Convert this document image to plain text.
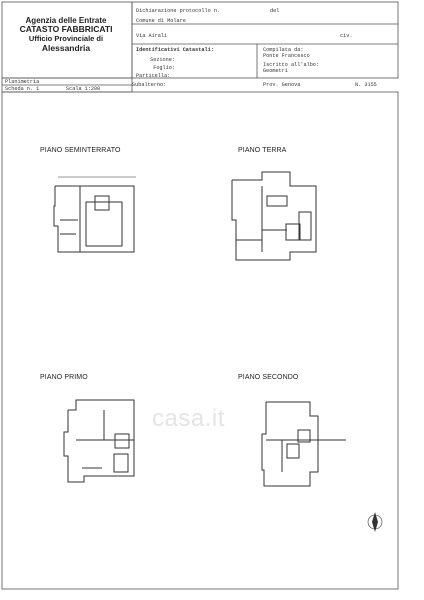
Agenzia delle Entrate
CATASTO FABBRICATI
Ufficio Provinciale di
Alessandria
Dichiarazione protocollo n.	del
Comune di Molare
Via Airali	civ.
Identificativi Catastali:
Sezione:
Foglio:
Particella:
Subalterno:
Compilata da:
Ponte Francesco
Iscritto all'albo:
Geometri
Prov. Genova	N. 3155
Planimetria
Scheda n. 1	Scala 1:200
PIANO SEMINTERRATO	PIANO TERRA
PIANO PRIMO	PIANO SECONDO
casa.it
